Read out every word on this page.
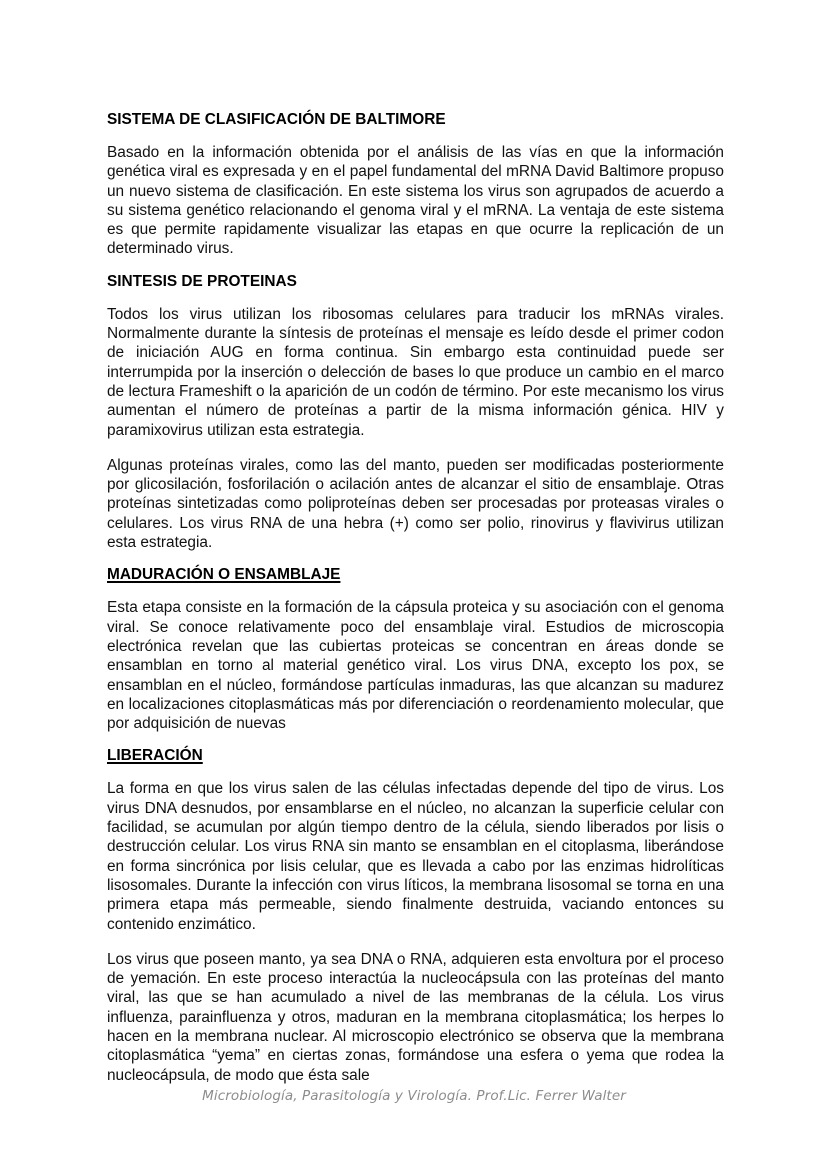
SISTEMA DE CLASIFICACIÓN DE BALTIMORE

Basado en la información obtenida por el análisis de las vías en que la información genética viral es expresada y en el papel fundamental del mRNA David Baltimore propuso un nuevo sistema de clasificación. En este sistema los virus son agrupados de acuerdo a su sistema genético relacionando el genoma viral y el mRNA. La ventaja de este sistema es que permite rapidamente visualizar las etapas en que ocurre la replicación de un determinado virus.

SINTESIS DE PROTEINAS

Todos los virus utilizan los ribosomas celulares para traducir los mRNAs virales. Normalmente durante la síntesis de proteínas el mensaje es leído desde el primer codon de iniciación AUG en forma continua. Sin embargo esta continuidad puede ser interrumpida por la inserción o delección de bases lo que produce un cambio en el marco de lectura Frameshift o la aparición de un codón de término. Por este mecanismo los virus aumentan el número de proteínas a partir de la misma información génica. HIV y paramixovirus utilizan esta estrategia.

Algunas proteínas virales, como las del manto, pueden ser modificadas posteriormente por glicosilación, fosforilación o acilación antes de alcanzar el sitio de ensamblaje. Otras proteínas sintetizadas como poliproteínas deben ser procesadas por proteasas virales o celulares. Los virus RNA de una hebra (+) como ser polio, rinovirus y flavivirus utilizan esta estrategia.

MADURACIÓN O ENSAMBLAJE

Esta etapa consiste en la formación de la cápsula proteica y su asociación con el genoma viral. Se conoce relativamente poco del ensamblaje viral. Estudios de microscopia electrónica revelan que las cubiertas proteicas se concentran en áreas donde se ensamblan en torno al material genético viral. Los virus DNA, excepto los pox, se ensamblan en el núcleo, formándose partículas inmaduras, las que alcanzan su madurez en localizaciones citoplasmáticas más por diferenciación o reordenamiento molecular, que por adquisición de nuevas

LIBERACIÓN

La forma en que los virus salen de las células infectadas depende del tipo de virus. Los virus DNA desnudos, por ensamblarse en el núcleo, no alcanzan la superficie celular con facilidad, se acumulan por algún tiempo dentro de la célula, siendo liberados por lisis o destrucción celular. Los virus RNA sin manto se ensamblan en el citoplasma, liberándose en forma sincrónica por lisis celular, que es llevada a cabo por las enzimas hidrolíticas lisosomales. Durante la infección con virus líticos, la membrana lisosomal se torna en una primera etapa más permeable, siendo finalmente destruida, vaciando entonces su contenido enzimático.

Los virus que poseen manto, ya sea DNA o RNA, adquieren esta envoltura por el proceso de yemación. En este proceso interactúa la nucleocápsula con las proteínas del manto viral, las que se han acumulado a nivel de las membranas de la célula. Los virus influenza, parainfluenza y otros, maduran en la membrana citoplasmática; los herpes lo hacen en la membrana nuclear. Al microscopio electrónico se observa que la membrana citoplasmática “yema” en ciertas zonas, formándose una esfera o yema que rodea la nucleocápsula, de modo que ésta sale

Microbiología, Parasitología y Virología. Prof.Lic. Ferrer Walter
